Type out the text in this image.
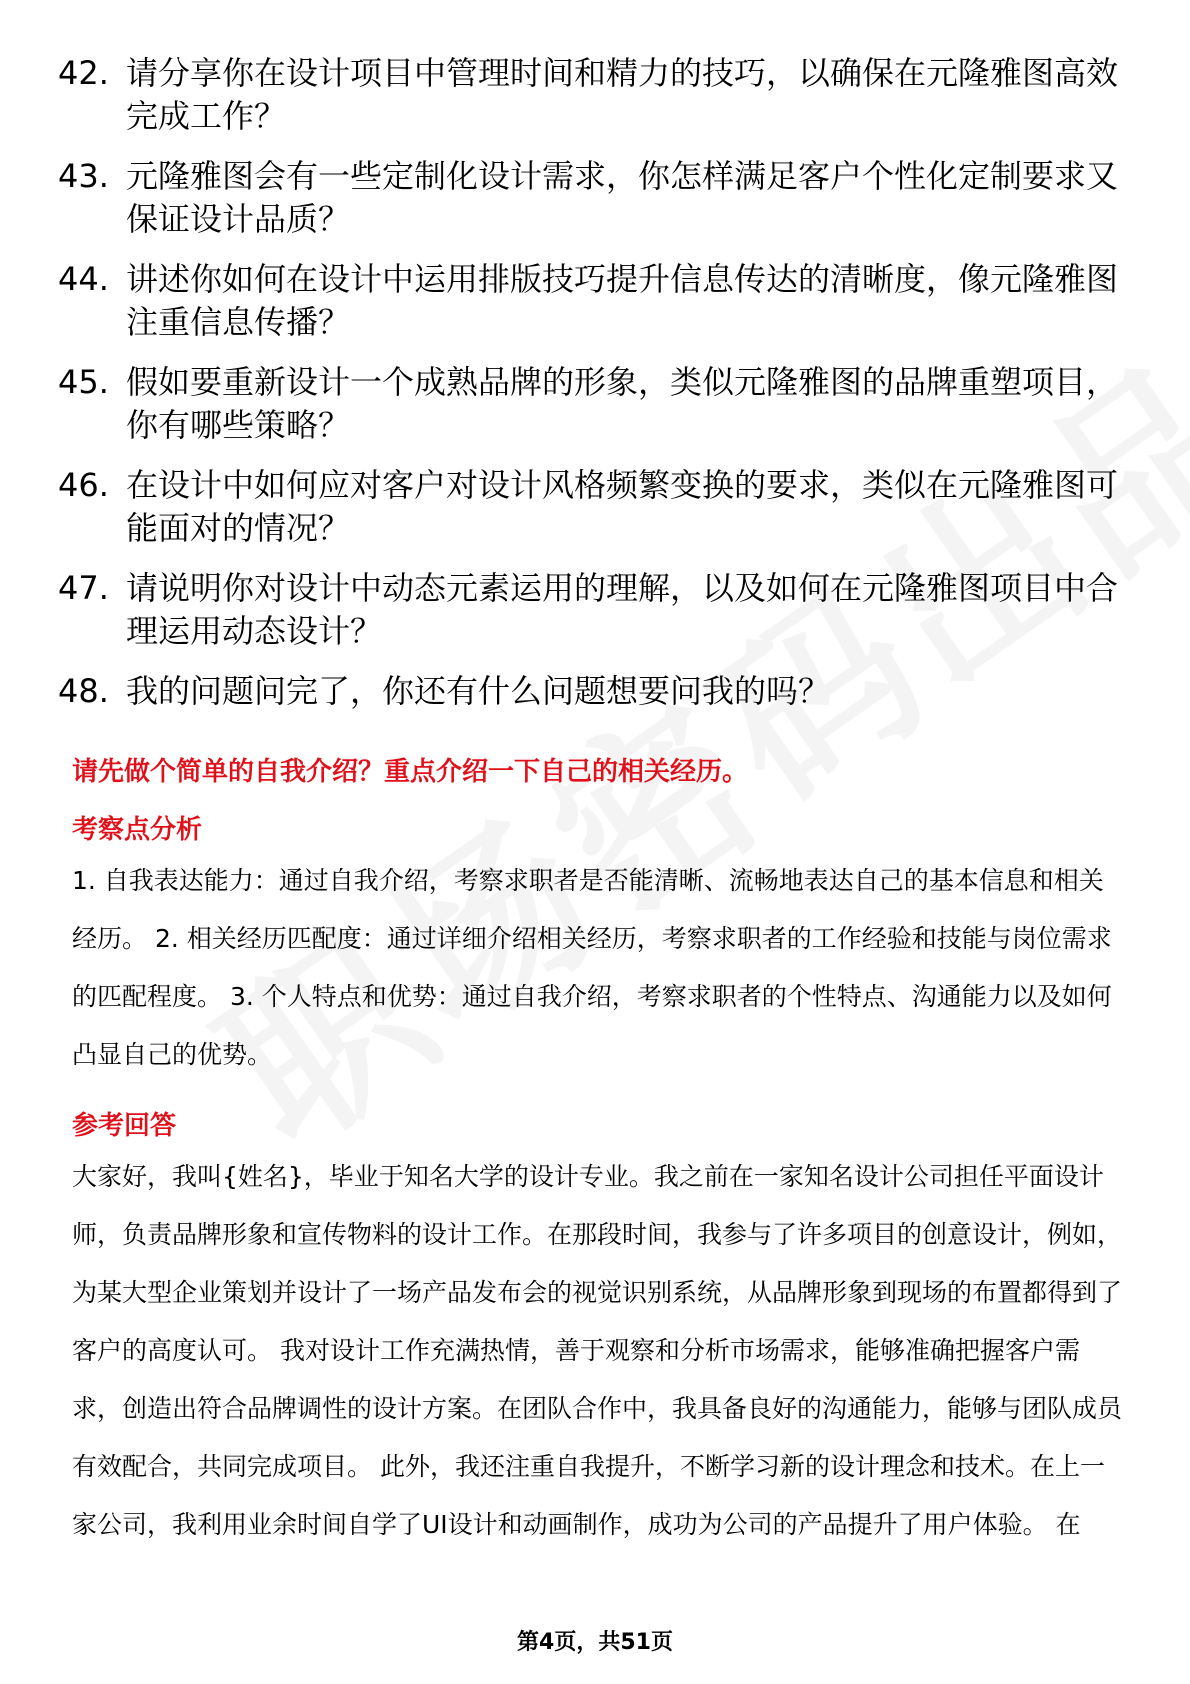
42. 请分享你在设计项目中管理时间和精力的技巧，以确保在元隆雅图高效完成工作？
43. 元隆雅图会有一些定制化设计需求，你怎样满足客户个性化定制要求又保证设计品质？
44. 讲述你如何在设计中运用排版技巧提升信息传达的清晰度，像元隆雅图注重信息传播？
45. 假如要重新设计一个成熟品牌的形象，类似元隆雅图的品牌重塑项目，你有哪些策略？
46. 在设计中如何应对客户对设计风格频繁变换的要求，类似在元隆雅图可能面对的情况？
47. 请说明你对设计中动态元素运用的理解，以及如何在元隆雅图项目中合理运用动态设计？
48. 我的问题问完了，你还有什么问题想要问我的吗？

请先做个简单的自我介绍？重点介绍一下自己的相关经历。

考察点分析

1. 自我表达能力：通过自我介绍，考察求职者是否能清晰、流畅地表达自己的基本信息和相关经历。 2. 相关经历匹配度：通过详细介绍相关经历，考察求职者的工作经验和技能与岗位需求的匹配程度。 3. 个人特点和优势：通过自我介绍，考察求职者的个性特点、沟通能力以及如何凸显自己的优势。

参考回答

大家好，我叫{姓名}，毕业于知名大学的设计专业。我之前在一家知名设计公司担任平面设计师，负责品牌形象和宣传物料的设计工作。在那段时间，我参与了许多项目的创意设计，例如，为某大型企业策划并设计了一场产品发布会的视觉识别系统，从品牌形象到现场的布置都得到了客户的高度认可。 我对设计工作充满热情，善于观察和分析市场需求，能够准确把握客户需求，创造出符合品牌调性的设计方案。在团队合作中，我具备良好的沟通能力，能够与团队成员有效配合，共同完成项目。 此外，我还注重自我提升，不断学习新的设计理念和技术。在上一家公司，我利用业余时间自学了UI设计和动画制作，成功为公司的产品提升了用户体验。 在

第4页，共51页
